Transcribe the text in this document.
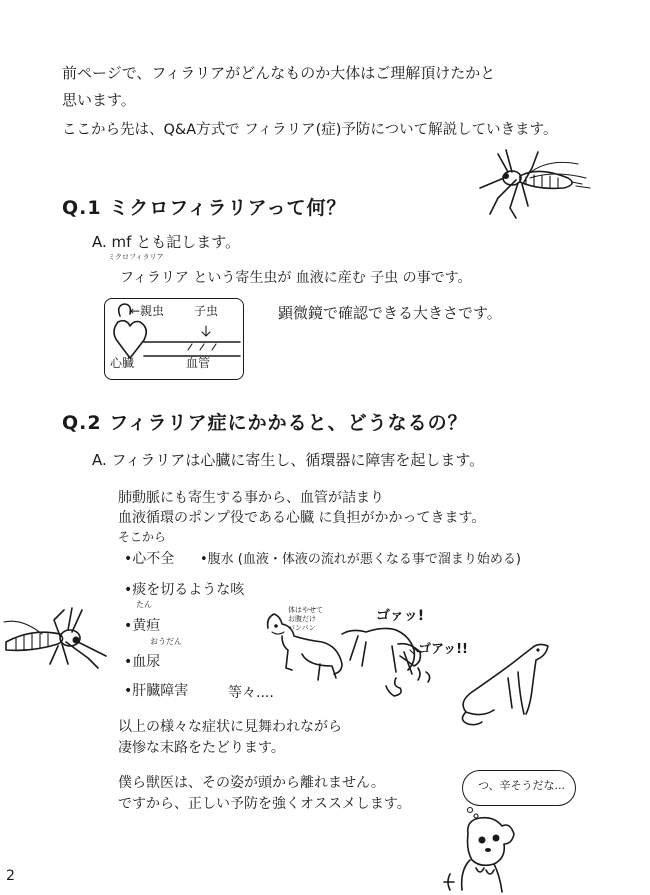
前ページで、フィラリアがどんなものか大体はご理解頂けたかと
思います。
ここから先は、Q&A方式で フィラリア(症)予防について解説していきます。
Q.1 ミクロフィラリアって何？
A. mf とも記します。
ミクロフィラリア
フィラリア という寄生虫が 血液に産む 子虫 の事です。
←親虫 子虫
心臓	血管
顕微鏡で確認できる大きさです。
Q.2 フィラリア症にかかると、どうなるの？
A. フィラリアは心臓に寄生し、循環器に障害を起します。
肺動脈にも寄生する事から、血管が詰まり
血液循環のポンプ役である心臓 に負担がかかってきます。
そこから
•心不全 •腹水 (血液・体液の流れが悪くなる事で溜まり始める)
•痰を切るような咳
たん
•黄疸
おうだん
•血尿
•肝臓障害	等々....
体はやせて
お腹だけ
パンパン
ゴァッ!
ゴアッ!!
以上の様々な症状に見舞われながら
凄惨な末路をたどります。
僕ら獣医は、その姿が頭から離れません。
ですから、正しい予防を強くオススメします。
つ、辛そうだな...
2
